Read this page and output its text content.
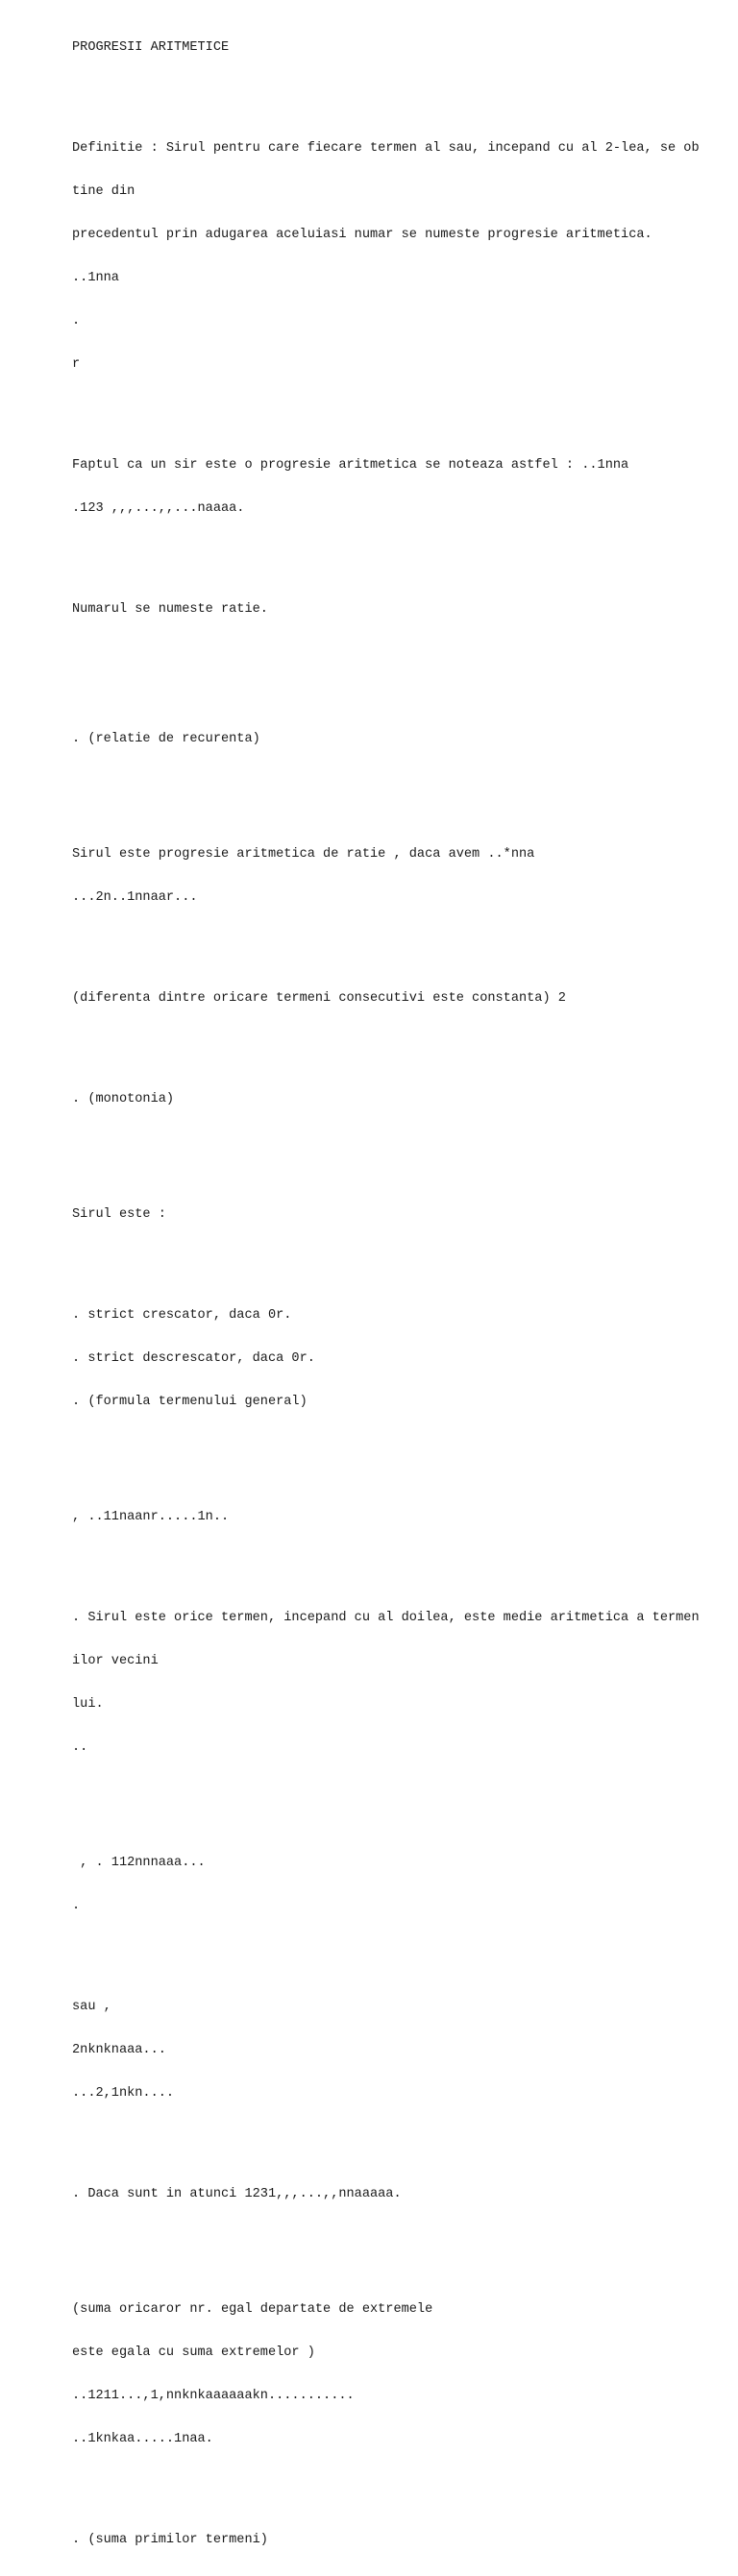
PROGRESII ARITMETICE

Definitie : Sirul pentru care fiecare termen al sau, incepand cu al 2-lea, se ob

tine din

precedentul prin adugarea aceluiasi numar se numeste progresie aritmetica.

..1nna

.

r

Faptul ca un sir este o progresie aritmetica se noteaza astfel : ..1nna

.123 ,,,...,,...naaaa.

Numarul se numeste ratie.

. (relatie de recurenta)

Sirul este progresie aritmetica de ratie , daca avem ..*nna

...2n..1nnaar...

(diferenta dintre oricare termeni consecutivi este constanta) 2

. (monotonia)

Sirul este :

. strict crescator, daca 0r.

. strict descrescator, daca 0r.

. (formula termenului general)

, ..11naanr.....1n..

. Sirul este orice termen, incepand cu al doilea, este medie aritmetica a termen

ilor vecini

lui.

..

, . 112nnnaaa...

.

sau ,

2nknknaaa...

...2,1nkn....

. Daca sunt in atunci 1231,,,...,,nnaaaaa.

(suma oricaror nr. egal departate de extremele

este egala cu suma extremelor )

..1211...,1,nnknkaaaaaakn...........

..1knkaa.....1naa.

. (suma primilor termeni)
